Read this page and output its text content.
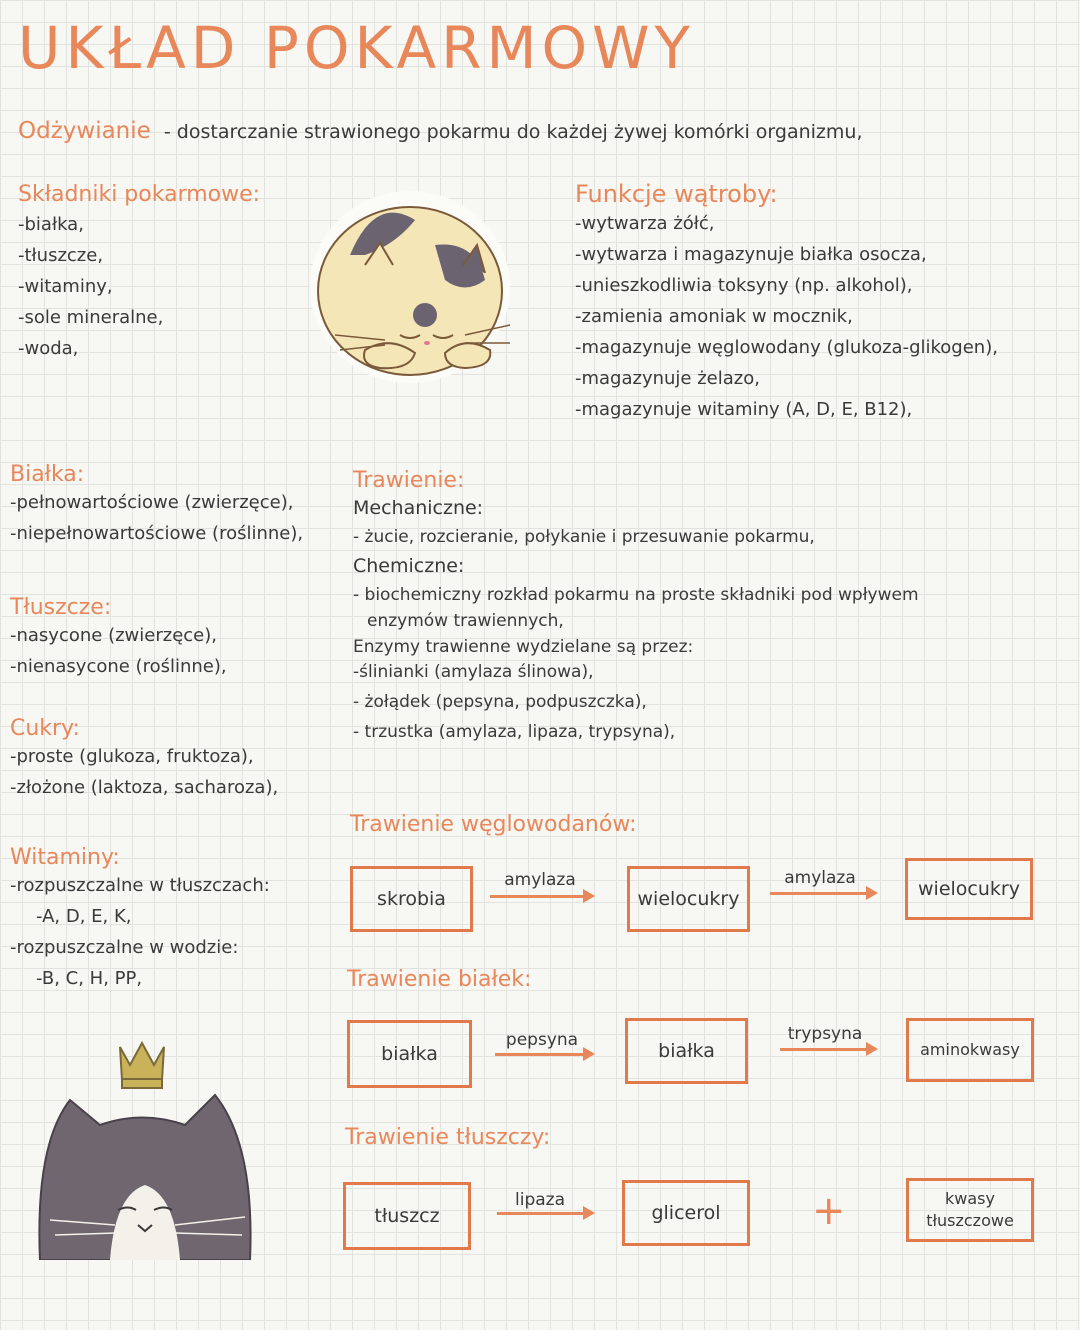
UKŁAD POKARMOWY
Odżywianie - dostarczanie strawionego pokarmu do każdej żywej komórki organizmu,
Składniki pokarmowe:
-białka,
-tłuszcze,
-witaminy,
-sole mineralne,
-woda,
Funkcje wątroby:
-wytwarza żółć,
-wytwarza i magazynuje białka osocza,
-unieszkodliwia toksyny (np. alkohol),
-zamienia amoniak w mocznik,
-magazynuje węglowodany (glukoza-glikogen),
-magazynuje żelazo,
-magazynuje witaminy (A, D, E, B12),
Białka:
-pełnowartościowe (zwierzęce),
-niepełnowartościowe (roślinne),
Tłuszcze:
-nasycone (zwierzęce),
-nienasycone (roślinne),
Cukry:
-proste (glukoza, fruktoza),
-złożone (laktoza, sacharoza),
Witaminy:
-rozpuszczalne w tłuszczach:
-A, D, E, K,
-rozpuszczalne w wodzie:
-B, C, H, PP,
Trawienie:
Mechaniczne:
- żucie, rozcieranie, połykanie i przesuwanie pokarmu,
Chemiczne:
- biochemiczny rozkład pokarmu na proste składniki pod wpływem
enzymów trawiennych,
Enzymy trawienne wydzielane są przez:
-ślinianki (amylaza ślinowa),
- żołądek (pepsyna, podpuszczka),
- trzustka (amylaza, lipaza, trypsyna),
Trawienie węglowodanów:
skrobia
amylaza
wielocukry
amylaza	wielocukry
Trawienie białek:
białka
pepsyna	białka
trypsyna
aminokwasy
Trawienie tłuszczy:
tłuszcz
lipaza
glicerol	+	kwasy
tłuszczowe
